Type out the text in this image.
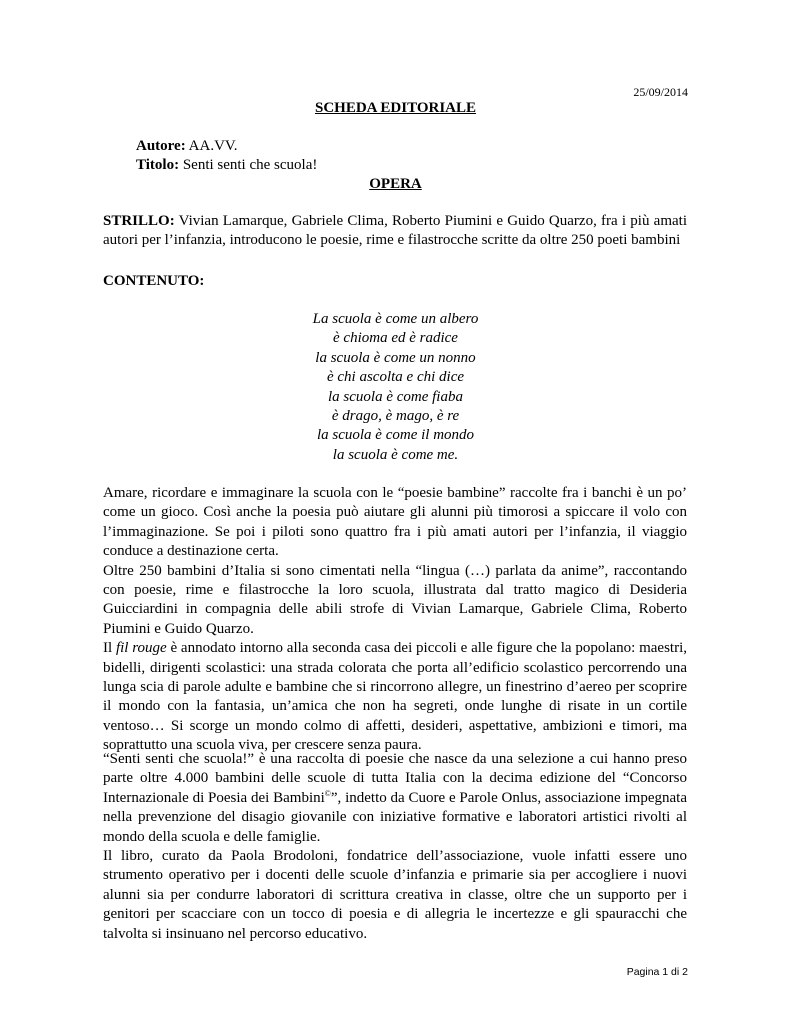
25/09/2014
SCHEDA EDITORIALE
Autore: AA.VV.
Titolo: Senti senti che scuola!
OPERA
STRILLO: Vivian Lamarque, Gabriele Clima, Roberto Piumini e Guido Quarzo, fra i più amati autori per l’infanzia, introducono le poesie, rime e filastrocche scritte da oltre 250 poeti bambini
CONTENUTO:
La scuola è come un albero
è chioma ed è radice
la scuola è come un nonno
è chi ascolta e chi dice
la scuola è come fiaba
è drago, è mago, è re
la scuola è come il mondo
la scuola è come me.

Amare, ricordare e immaginare la scuola con le “poesie bambine” raccolte fra i banchi è un po’ come un gioco. Così anche la poesia può aiutare gli alunni più timorosi a spiccare il volo con l’immaginazione. Se poi i piloti sono quattro fra i più amati autori per l’infanzia, il viaggio conduce a destinazione certa.

Oltre 250 bambini d’Italia si sono cimentati nella “lingua (…) parlata da anime”, raccontando con poesie, rime e filastrocche la loro scuola, illustrata dal tratto magico di Desideria Guicciardini in compagnia delle abili strofe di Vivian Lamarque, Gabriele Clima, Roberto Piumini e Guido Quarzo.

Il fil rouge è annodato intorno alla seconda casa dei piccoli e alle figure che la popolano: maestri, bidelli, dirigenti scolastici: una strada colorata che porta all’edificio scolastico percorrendo una lunga scia di parole adulte e bambine che si rincorrono allegre, un finestrino d’aereo per scoprire il mondo con la fantasia, un’amica che non ha segreti, onde lunghe di risate in un cortile ventoso… Si scorge un mondo colmo di affetti, desideri, aspettative, ambizioni e timori, ma soprattutto una scuola viva, per crescere senza paura.

“Senti senti che scuola!” è una raccolta di poesie che nasce da una selezione a cui hanno preso parte oltre 4.000 bambini delle scuole di tutta Italia con la decima edizione del “Concorso Internazionale di Poesia dei Bambini©”, indetto da Cuore e Parole Onlus, associazione impegnata nella prevenzione del disagio giovanile con iniziative formative e laboratori artistici rivolti al mondo della scuola e delle famiglie.

Il libro, curato da Paola Brodoloni, fondatrice dell’associazione, vuole infatti essere uno strumento operativo per i docenti delle scuole d’infanzia e primarie sia per accogliere i nuovi alunni sia per condurre laboratori di scrittura creativa in classe, oltre che un supporto per i genitori per scacciare con un tocco di poesia e di allegria le incertezze e gli spauracchi che talvolta si insinuano nel percorso educativo.

Pagina 1 di 2
